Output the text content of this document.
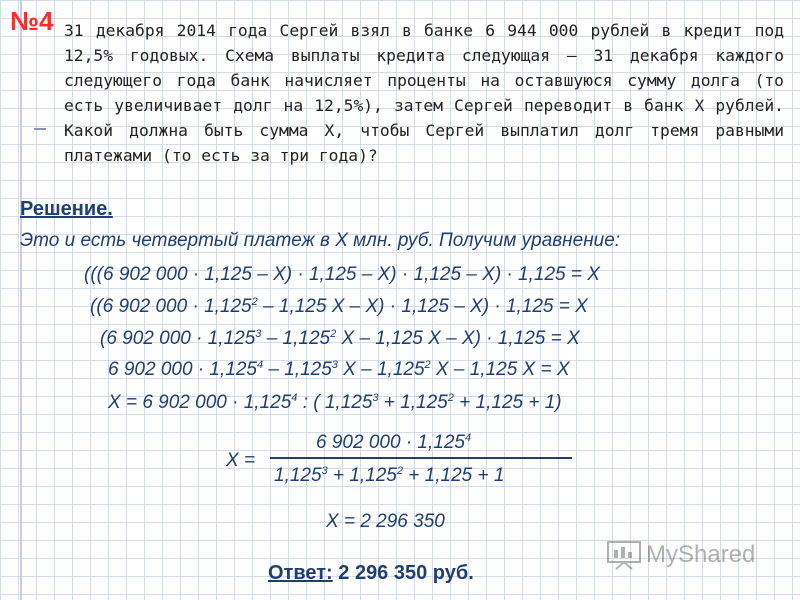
№4 31 декабря 2014 года Сергей взял в банке 6 944 000 рублей в кредит под 12,5% годовых. Схема выплаты кредита следующая – 31 декабря каждого следующего года банк начисляет проценты на оставшуюся сумму долга (то есть увеличивает долг на 12,5%), затем Сергей переводит в банк X рублей. Какой должна быть сумма X, чтобы Сергей выплатил долг тремя равными платежами (то есть за три года)?
Решение.
Это и есть четвертый платеж в X млн. руб. Получим уравнение:
(((6 902 000 · 1,125 – X) · 1,125 – X) · 1,125 – X) · 1,125 = X
((6 902 $000 \cdot 1,125^2 - 1,125$ X – X) · 1,125 – X) · 1,125 = X
(6 902 $000 \cdot 1,125^3 - 1,125^2$ X – 1,125 X – X) · 1,125 = X
6 902 $000 \cdot 1,125^4 - 1,125^3$ X – 1,125$^2$ X – 1,125 X = X
X = 6 902 $000 \cdot 1,125^4$ : ( $1,125^3 + 1,125^2 + 1,125 + 1$)
X =
6 902 $000 \cdot 1,125^4$
$1,125^3 + 1,125^2 + 1,125 + 1$
X = 2 296 350
Ответ: 2 296 350 руб.
MyShared
